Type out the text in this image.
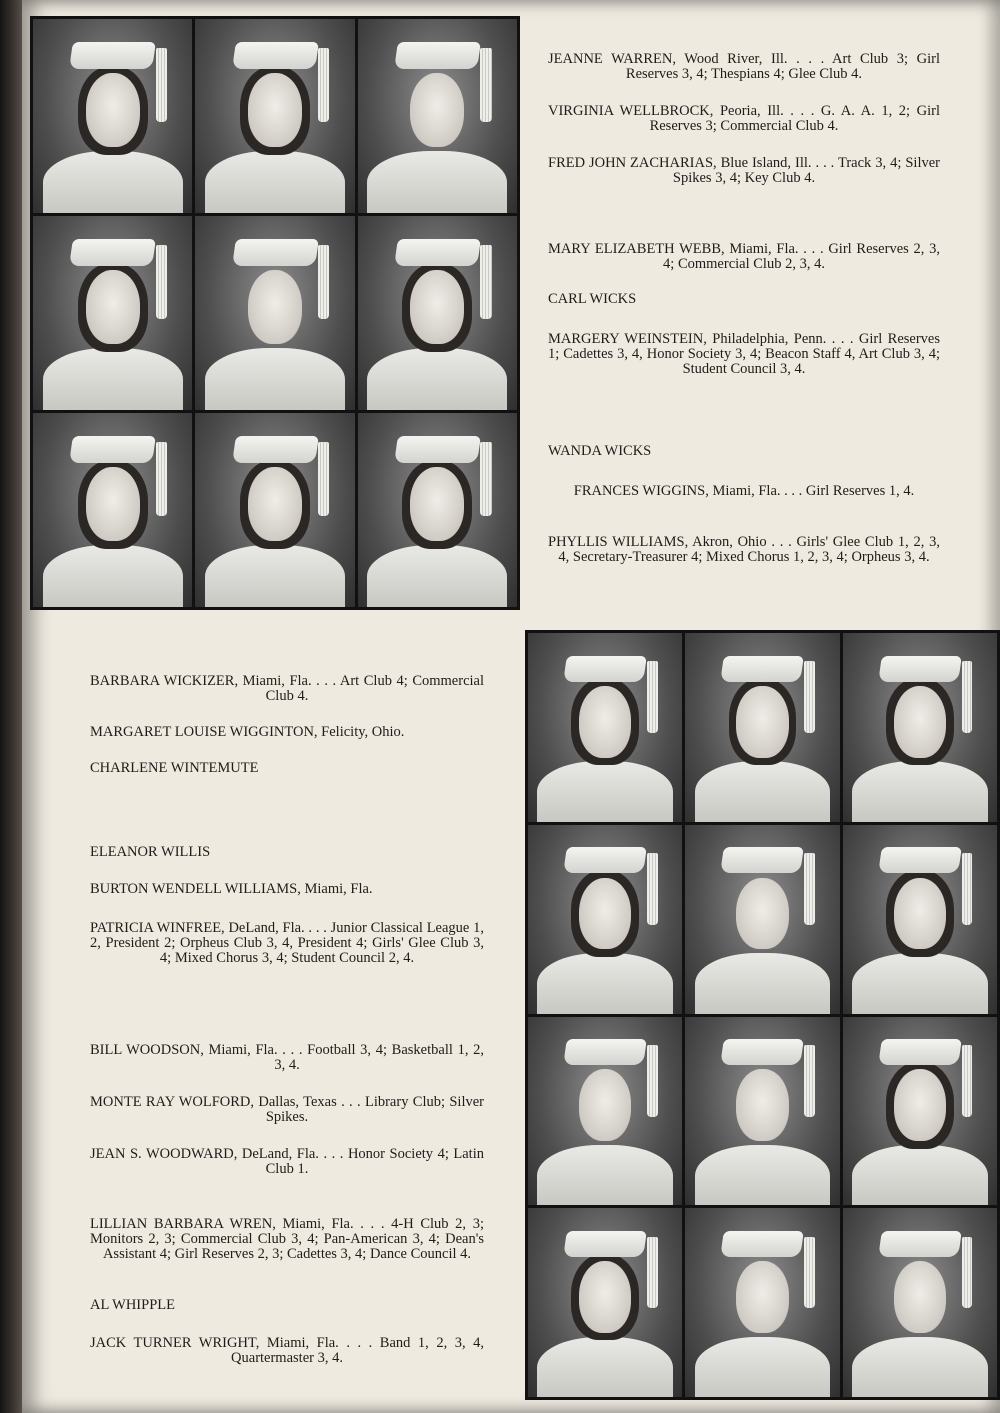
JEANNE WARREN, Wood River, Ill. . . . Art Club 3; Girl Reserves 3, 4; Thespians 4; Glee Club 4.

VIRGINIA WELLBROCK, Peoria, Ill. . . . G. A. A. 1, 2; Girl Reserves 3; Commercial Club 4.

FRED JOHN ZACHARIAS, Blue Island, Ill. . . . Track 3, 4; Silver Spikes 3, 4; Key Club 4.

MARY ELIZABETH WEBB, Miami, Fla. . . . Girl Reserves 2, 3, 4; Commercial Club 2, 3, 4.

CARL WICKS

MARGERY WEINSTEIN, Philadelphia, Penn. . . . Girl Reserves 1; Cadettes 3, 4, Honor Society 3, 4; Beacon Staff 4, Art Club 3, 4; Student Council 3, 4.

WANDA WICKS

FRANCES WIGGINS, Miami, Fla. . . . Girl Reserves 1, 4.

PHYLLIS WILLIAMS, Akron, Ohio . . . Girls' Glee Club 1, 2, 3, 4, Secretary-Treasurer 4; Mixed Chorus 1, 2, 3, 4; Orpheus 3, 4.

BARBARA WICKIZER, Miami, Fla. . . . Art Club 4; Commercial Club 4.

MARGARET LOUISE WIGGINTON, Felicity, Ohio.

CHARLENE WINTEMUTE

ELEANOR WILLIS

BURTON WENDELL WILLIAMS, Miami, Fla.

PATRICIA WINFREE, DeLand, Fla. . . . Junior Classical League 1, 2, President 2; Orpheus Club 3, 4, President 4; Girls' Glee Club 3, 4; Mixed Chorus 3, 4; Student Council 2, 4.

BILL WOODSON, Miami, Fla. . . . Football 3, 4; Basketball 1, 2, 3, 4.

MONTE RAY WOLFORD, Dallas, Texas . . . Library Club; Silver Spikes.

JEAN S. WOODWARD, DeLand, Fla. . . . Honor Society 4; Latin Club 1.

LILLIAN BARBARA WREN, Miami, Fla. . . . 4-H Club 2, 3; Monitors 2, 3; Commercial Club 3, 4; Pan-American 3, 4; Dean's Assistant 4; Girl Reserves 2, 3; Cadettes 3, 4; Dance Council 4.

AL WHIPPLE

JACK TURNER WRIGHT, Miami, Fla. . . . Band 1, 2, 3, 4, Quartermaster 3, 4.
